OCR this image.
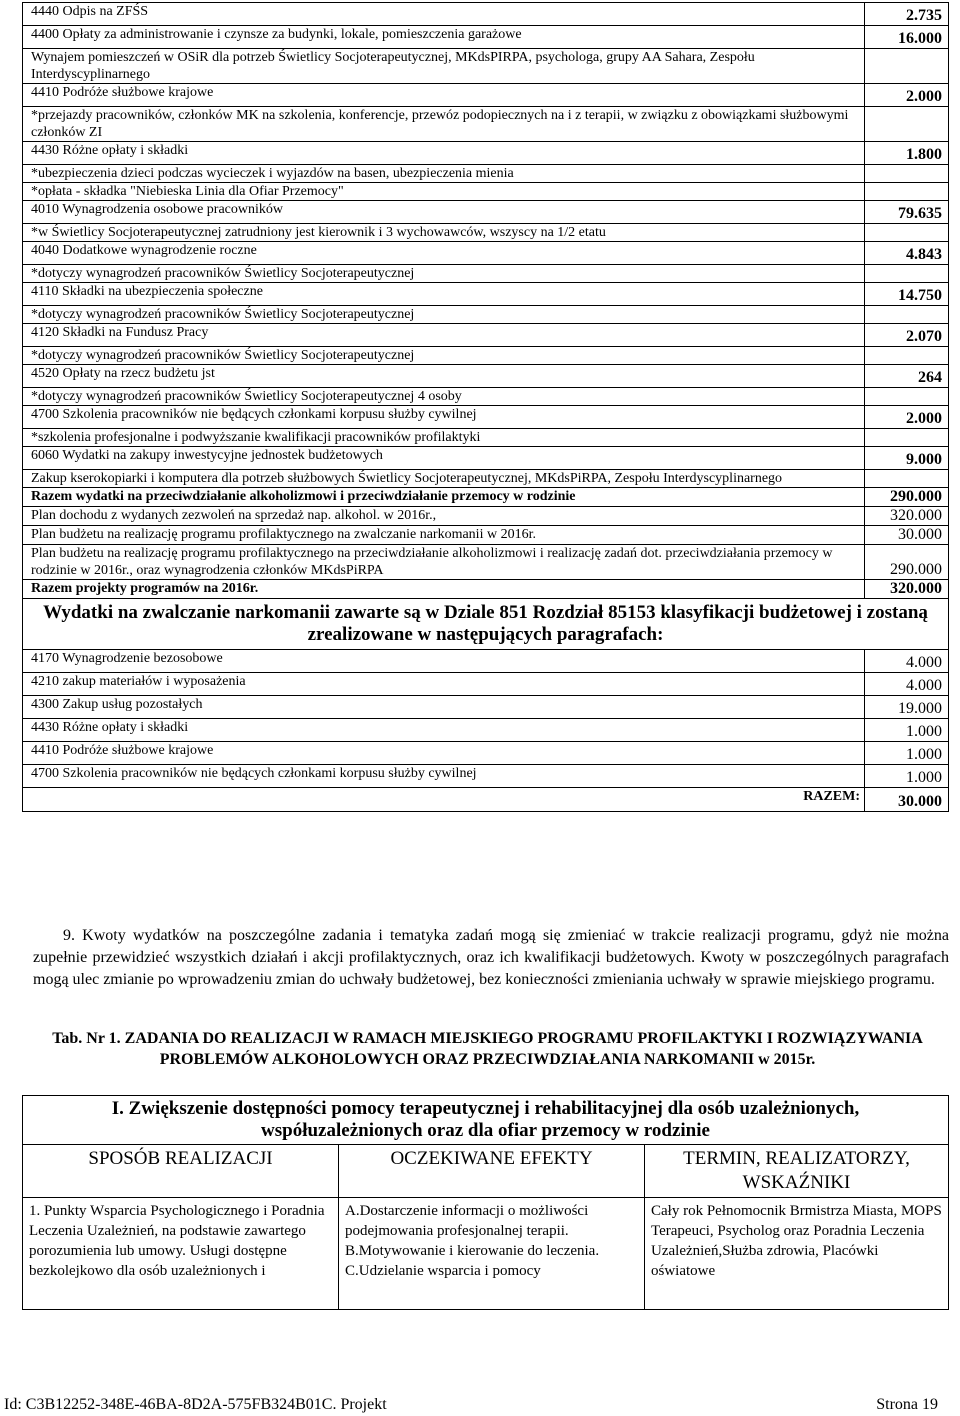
4440 Odpis na ZFŚS	2.735
4400 Opłaty za administrowanie i czynsze za budynki, lokale, pomieszczenia garażowe	16.000
Wynajem pomieszczeń w OSiR dla potrzeb Świetlicy Socjoterapeutycznej, MKdsPIRPA, psychologa, grupy AA Sahara, Zespołu Interdyscyplinarnego	
4410 Podróże służbowe krajowe	2.000
*przejazdy pracowników, członków MK na szkolenia, konferencje, przewóz podopiecznych na i z terapii, w związku z obowiązkami służbowymi członków ZI	
4430 Różne opłaty i składki	1.800
*ubezpieczenia dzieci podczas wycieczek i wyjazdów na basen, ubezpieczenia mienia	
*opłata - składka "Niebieska Linia dla Ofiar Przemocy"	
4010 Wynagrodzenia osobowe pracowników	79.635
*w Świetlicy Socjoterapeutycznej zatrudniony jest kierownik i 3 wychowawców, wszyscy na 1/2 etatu	
4040 Dodatkowe wynagrodzenie roczne	4.843
*dotyczy wynagrodzeń pracowników Świetlicy Socjoterapeutycznej	
4110 Składki na ubezpieczenia społeczne	14.750
*dotyczy wynagrodzeń pracowników Świetlicy Socjoterapeutycznej	
4120 Składki na Fundusz Pracy	2.070
*dotyczy wynagrodzeń pracowników Świetlicy Socjoterapeutycznej	
4520 Opłaty na rzecz budżetu jst	264
*dotyczy wynagrodzeń pracowników Świetlicy Socjoterapeutycznej 4 osoby	
4700 Szkolenia pracowników nie będących członkami korpusu służby cywilnej	2.000
*szkolenia profesjonalne i podwyższanie kwalifikacji pracowników profilaktyki	
6060 Wydatki na zakupy inwestycyjne jednostek budżetowych	9.000
Zakup kserokopiarki i komputera dla potrzeb służbowych Świetlicy Socjoterapeutycznej, MKdsPiRPA, Zespołu Interdyscyplinarnego	
Razem wydatki na przeciwdziałanie alkoholizmowi i przeciwdziałanie przemocy w rodzinie	290.000
Plan dochodu z wydanych zezwoleń na sprzedaż nap. alkohol. w 2016r.,	320.000
Plan budżetu na realizację programu profilaktycznego na zwalczanie narkomanii w 2016r.	30.000
Plan budżetu na realizację programu profilaktycznego na przeciwdziałanie alkoholizmowi i realizację zadań dot. przeciwdziałania przemocy w rodzinie w 2016r., oraz wynagrodzenia członków MKdsPiRPA	290.000
Razem projekty programów na 2016r.	320.000
Wydatki na zwalczanie narkomanii zawarte są w Dziale 851 Rozdział 85153 klasyfikacji budżetowej i zostaną zrealizowane w następujących paragrafach:	
4170 Wynagrodzenie bezosobowe	4.000
4210 zakup materiałów i wyposażenia	4.000
4300 Zakup usług pozostałych	19.000
4430 Różne opłaty i składki	1.000
4410 Podróże służbowe krajowe	1.000
4700 Szkolenia pracowników nie będących członkami korpusu służby cywilnej	1.000
RAZEM:	30.000

9. Kwoty wydatków na poszczególne zadania i tematyka zadań mogą się zmieniać w trakcie realizacji programu, gdyż nie można zupełnie przewidzieć wszystkich działań i akcji profilaktycznych, oraz ich kwalifikacji budżetowych. Kwoty w poszczególnych paragrafach mogą ulec zmianie po wprowadzeniu zmian do uchwały budżetowej, bez konieczności zmieniania uchwały w sprawie miejskiego programu.

Tab. Nr 1. ZADANIA DO REALIZACJI W RAMACH MIEJSKIEGO PROGRAMU PROFILAKTYKI I ROZWIĄZYWANIA PROBLEMÓW ALKOHOLOWYCH ORAZ PRZECIWDZIAŁANIA NARKOMANII w 2015r.

I. Zwiększenie dostępności pomocy terapeutycznej i rehabilitacyjnej dla osób uzależnionych, współuzależnionych oraz dla ofiar przemocy w rodzinie		
SPOSÓB REALIZACJI	OCZEKIWANE EFEKTY	TERMIN, REALIZATORZY, WSKAŹNIKI
1. Punkty Wsparcia Psychologicznego i Poradnia Leczenia Uzależnień, na podstawie zawartego porozumienia lub umowy. Usługi dostępne bezkolejkowo dla osób uzależnionych i	A.Dostarczenie informacji o możliwości podejmowania profesjonalnej terapii. B.Motywowanie i kierowanie do leczenia. C.Udzielanie wsparcia i pomocy	Cały rok Pełnomocnik Brmistrza Miasta, MOPS Terapeuci, Psycholog oraz Poradnia Leczenia Uzależnień,Służba zdrowia, Placówki oświatowe

Id: C3B12252-348E-46BA-8D2A-575FB324B01C. Projekt	Strona 19
